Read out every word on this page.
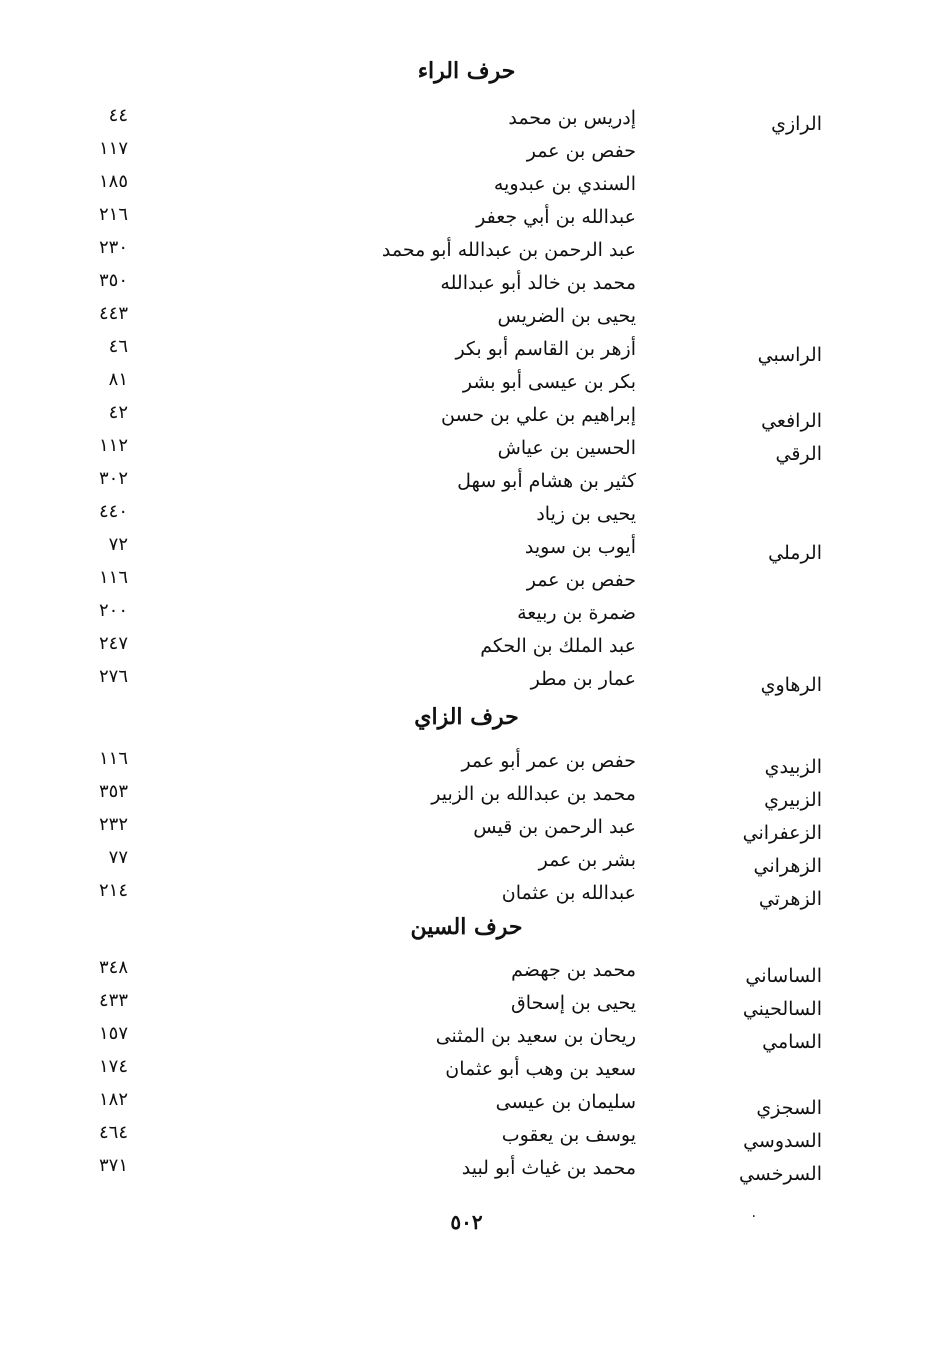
حرف الراء
٤٤	إدريس بن محمد	الرازي
١١٧	حفص بن عمر
١٨٥	السندي بن عبدويه
٢١٦	عبدالله بن أبي جعفر
٢٣٠	عبد الرحمن بن عبدالله أبو محمد
٣٥٠	محمد بن خالد أبو عبدالله
٤٤٣	يحيى بن الضريس
٤٦	أزهر بن القاسم أبو بكر	الراسبي
٨١	بكر بن عيسى أبو بشر
٤٢	إبراهيم بن علي بن حسن	الرافعي
١١٢	الحسين بن عياش	الرقي
٣٠٢	كثير بن هشام أبو سهل
٤٤٠	يحيى بن زياد
٧٢	أيوب بن سويد	الرملي
١١٦	حفص بن عمر
٢٠٠	ضمرة بن ربيعة
٢٤٧	عبد الملك بن الحكم
٢٧٦	عمار بن مطر	الرهاوي
حرف الزاي
١١٦	حفص بن عمر أبو عمر	الزبيدي
٣٥٣	محمد بن عبدالله بن الزبير	الزبيري
٢٣٢	عبد الرحمن بن قيس	الزعفراني
٧٧	بشر بن عمر	الزهراني
٢١٤	عبدالله بن عثمان	الزهرتي
حرف السين
٣٤٨	محمد بن جهضم	الساساني
٤٣٣	يحيى بن إسحاق	السالحيني
١٥٧	ريحان بن سعيد بن المثنى	السامي
١٧٤	سعيد بن وهب أبو عثمان
١٨٢	سليمان بن عيسى	السجزي
٤٦٤	يوسف بن يعقوب	السدوسي
٣٧١	محمد بن غياث أبو لبيد	السرخسي
٥٠٢	٠
